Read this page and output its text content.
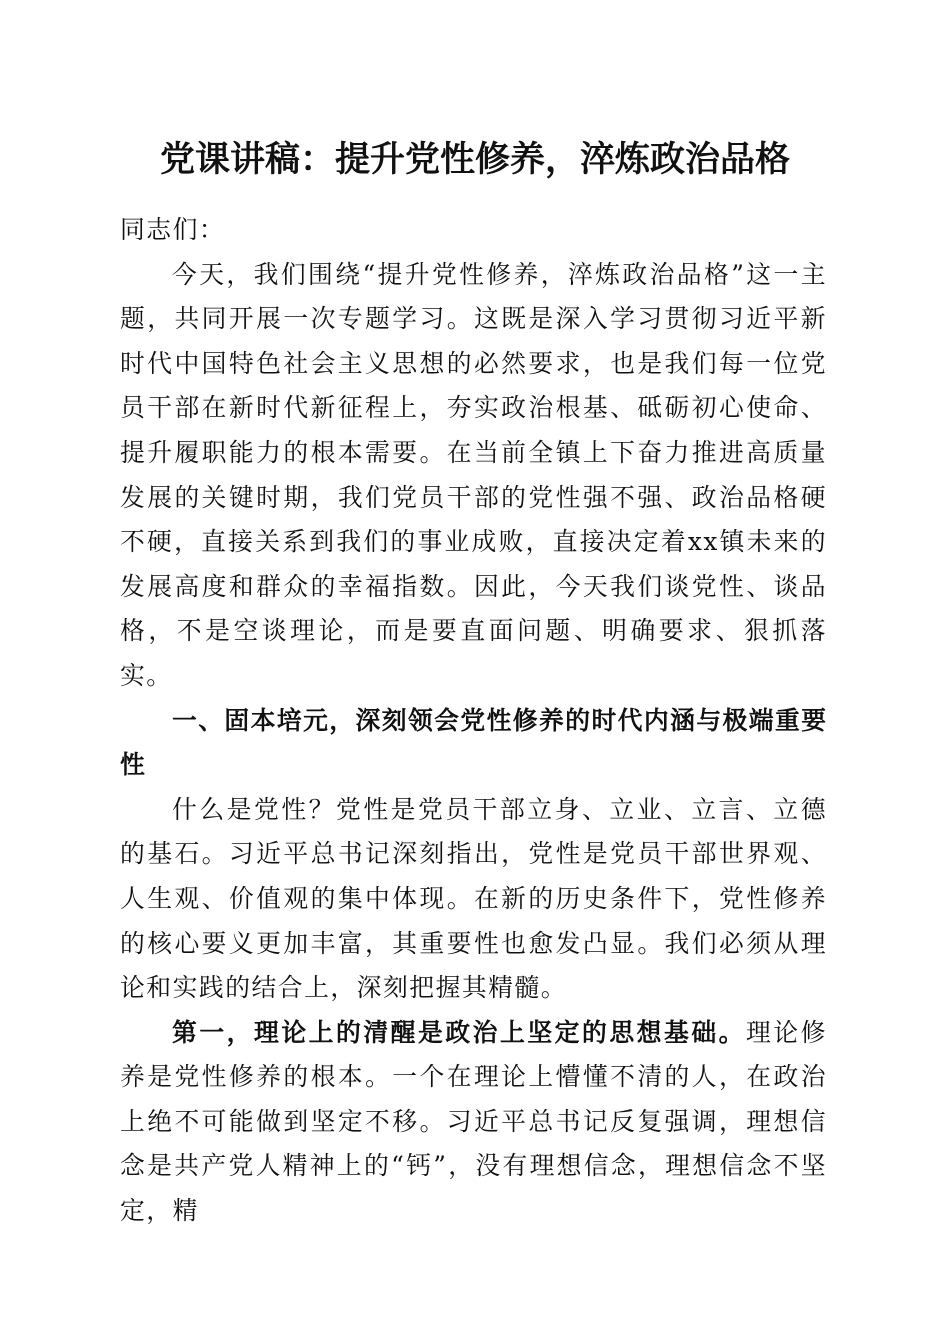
党课讲稿：提升党性修养，淬炼政治品格

同志们：

今天，我们围绕“提升党性修养，淬炼政治品格”这一主题，共同开展一次专题学习。这既是深入学习贯彻习近平新时代中国特色社会主义思想的必然要求，也是我们每一位党员干部在新时代新征程上，夯实政治根基、砥砺初心使命、提升履职能力的根本需要。在当前全镇上下奋力推进高质量发展的关键时期，我们党员干部的党性强不强、政治品格硬不硬，直接关系到我们的事业成败，直接决定着xx镇未来的发展高度和群众的幸福指数。因此，今天我们谈党性、谈品格，不是空谈理论，而是要直面问题、明确要求、狠抓落实。

一、固本培元，深刻领会党性修养的时代内涵与极端重要性

什么是党性？党性是党员干部立身、立业、立言、立德的基石。习近平总书记深刻指出，党性是党员干部世界观、人生观、价值观的集中体现。在新的历史条件下，党性修养的核心要义更加丰富，其重要性也愈发凸显。我们必须从理论和实践的结合上，深刻把握其精髓。

第一，理论上的清醒是政治上坚定的思想基础。理论修养是党性修养的根本。一个在理论上懵懂不清的人，在政治上绝不可能做到坚定不移。习近平总书记反复强调，理想信念是共产党人精神上的“钙”，没有理想信念，理想信念不坚定，精
